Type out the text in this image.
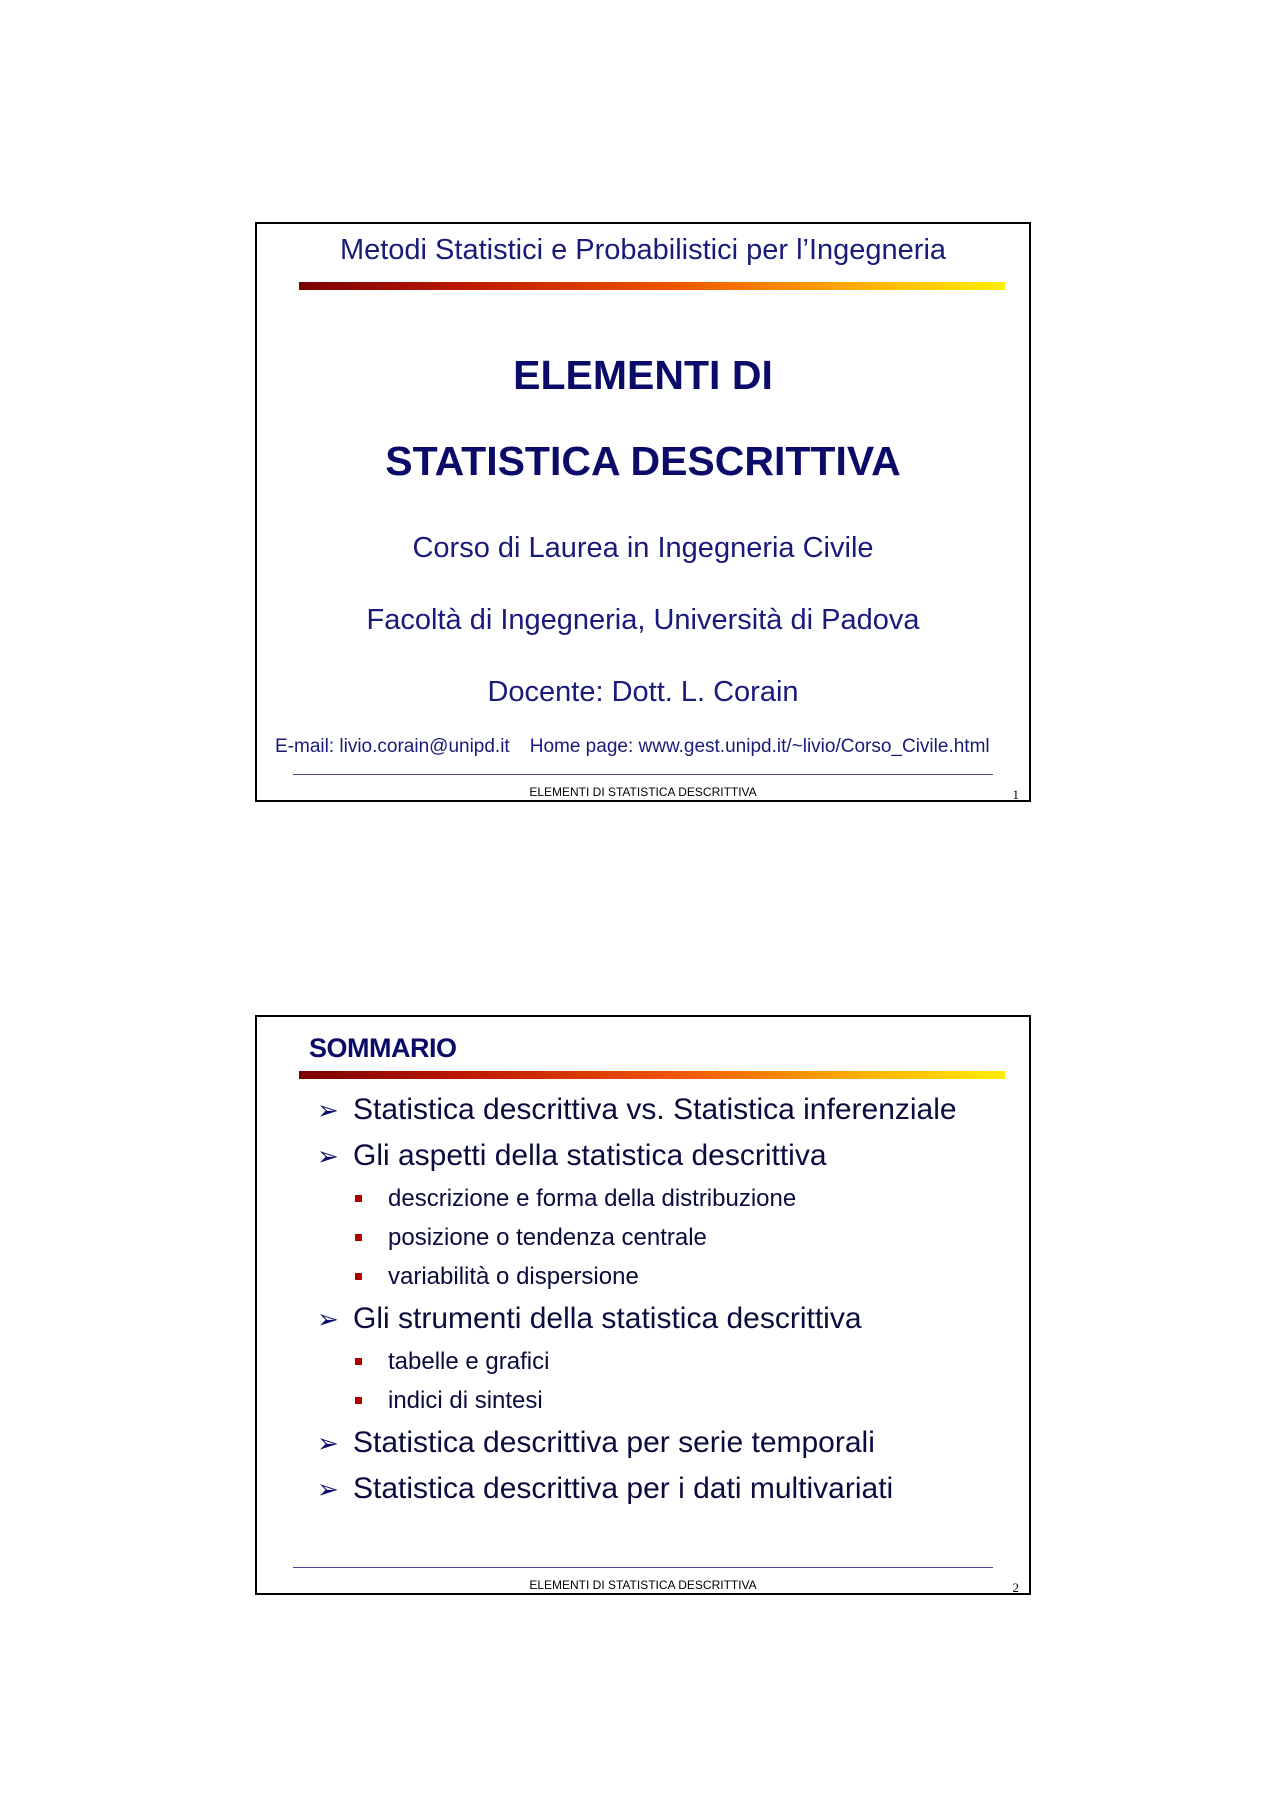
Metodi Statistici e Probabilistici per l’Ingegneria
ELEMENTI DI
STATISTICA DESCRITTIVA
Corso di Laurea in Ingegneria Civile
Facoltà di Ingegneria, Università di Padova
Docente: Dott. L. Corain
E-mail: livio.corain@unipd.it Home page: www.gest.unipd.it/~livio/Corso_Civile.html
ELEMENTI DI STATISTICA DESCRITTIVA	1
SOMMARIO
➢ Statistica descrittiva vs. Statistica inferenziale
➢ Gli aspetti della statistica descrittiva
descrizione e forma della distribuzione
posizione o tendenza centrale
variabilità o dispersione
➢ Gli strumenti della statistica descrittiva
tabelle e grafici
indici di sintesi
➢ Statistica descrittiva per serie temporali
➢ Statistica descrittiva per i dati multivariati
ELEMENTI DI STATISTICA DESCRITTIVA	2
